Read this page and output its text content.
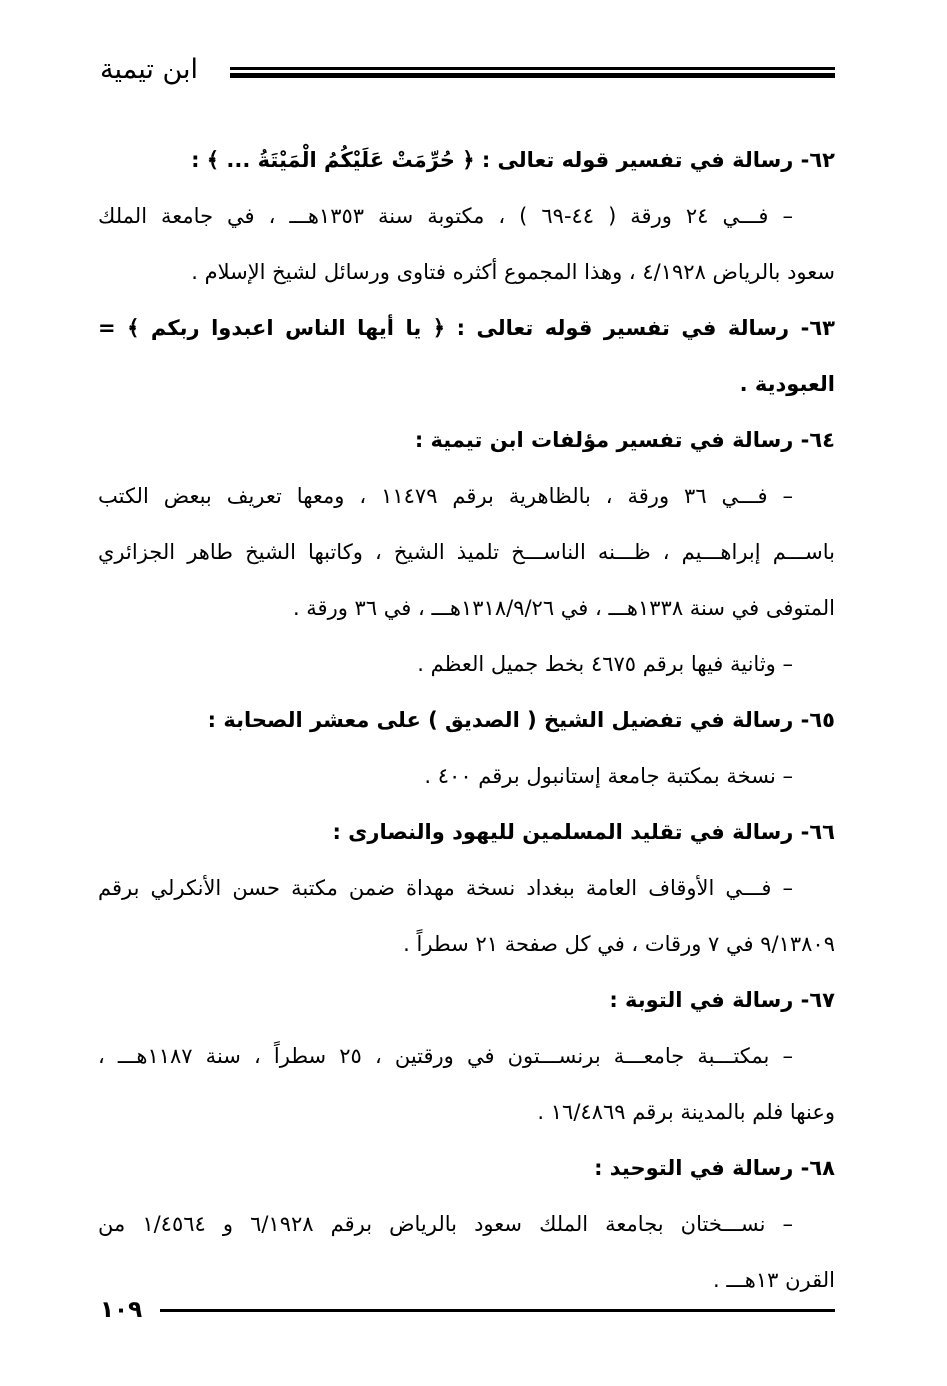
ابن تيمية

٦٢- رسالة في تفسير قوله تعالى : ﴿ حُرِّمَتْ عَلَيْكُمُ الْمَيْتَةُ ... ﴾ :

– فـــي ٢٤ ورقة ( ٤٤-٦٩ ) ، مكتوبة سنة ١٣٥٣هـــ ، في جامعة الملك
سعود بالرياض ٤/١٩٢٨ ، وهذا المجموع أكثره فتاوى ورسائل لشيخ الإسلام .

٦٣- رسالة في تفسير قوله تعالى : ﴿ يا أيها الناس اعبدوا ربكم ﴾ = العبودية .

٦٤- رسالة في تفسير مؤلفات ابن تيمية :

– فـــي ٣٦ ورقة ، بالظاهرية برقم ١١٤٧٩ ، ومعها تعريف ببعض الكتب
باســـم إبراهـــيم ، ظـــنه الناســـخ تلميذ الشيخ ، وكاتبها الشيخ طاهر الجزائري
المتوفى في سنة ١٣٣٨هـــ ، في ١٣١٨/٩/٢٦هـــ ، في ٣٦ ورقة .

– وثانية فيها برقم ٤٦٧٥ بخط جميل العظم .

٦٥- رسالة في تفضيل الشيخ ( الصديق ) على معشر الصحابة :

– نسخة بمكتبة جامعة إستانبول برقم ٤٠٠ .

٦٦- رسالة في تقليد المسلمين لليهود والنصارى :

– فـــي الأوقاف العامة ببغداد نسخة مهداة ضمن مكتبة حسن الأنكرلي برقم
٩/١٣٨٠٩ في ٧ ورقات ، في كل صفحة ٢١ سطراً .

٦٧- رسالة في التوبة :

– بمكتـــبة جامعـــة برنســـتون في ورقتين ، ٢٥ سطراً ، سنة ١١٨٧هـــ ،
وعنها فلم بالمدينة برقم ١٦/٤٨٦٩ .

٦٨- رسالة في التوحيد :

– نســـختان بجامعة الملك سعود بالرياض برقم ٦/١٩٢٨ و ١/٤٥٦٤ من
القرن ١٣هـــ .

١٠٩
